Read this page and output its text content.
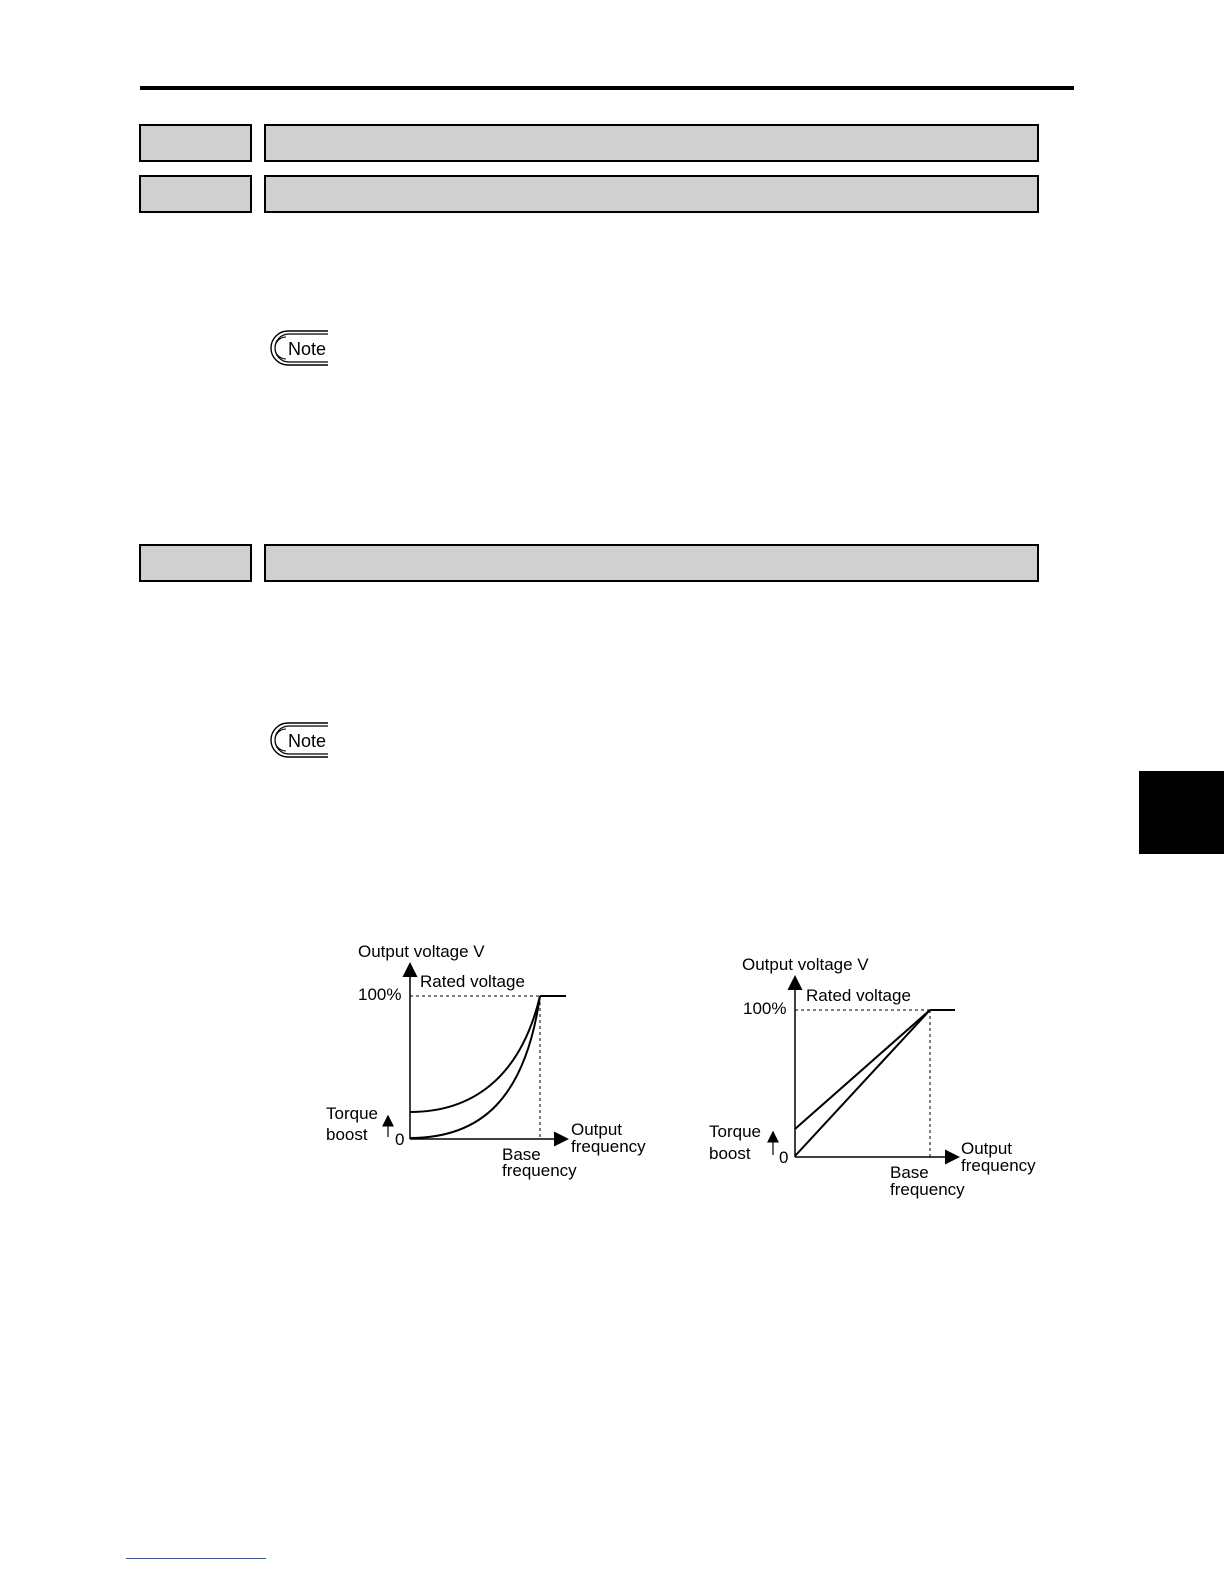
Note
Note
Output voltage V
Rated voltage
100%
Torque
boost 0
Output
frequency
Base
frequency
Output voltage V
Rated voltage
100%
Torque
boost 0	Output
frequency
Base
frequency
